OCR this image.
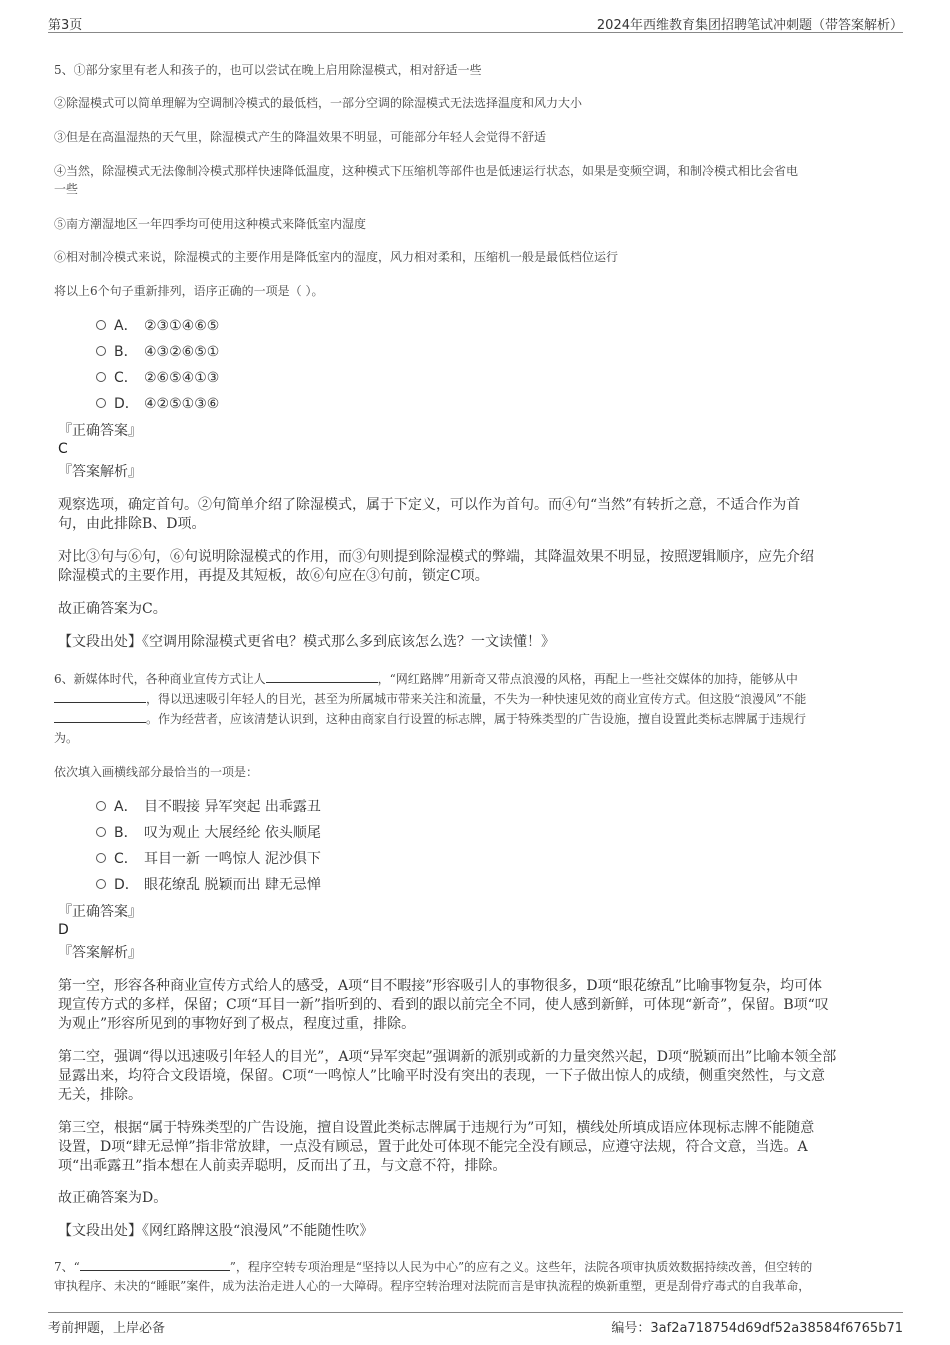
第3页	2024年西维教育集团招聘笔试冲刺题（带答案解析）
5、①部分家里有老人和孩子的，也可以尝试在晚上启用除湿模式，相对舒适一些
②除湿模式可以简单理解为空调制冷模式的最低档，一部分空调的除湿模式无法选择温度和风力大小
③但是在高温湿热的天气里，除湿模式产生的降温效果不明显，可能部分年轻人会觉得不舒适
④当然，除湿模式无法像制冷模式那样快速降低温度，这种模式下压缩机等部件也是低速运行状态，如果是变频空调，和制冷模式相比会省电
一些
⑤南方潮湿地区一年四季均可使用这种模式来降低室内湿度
⑥相对制冷模式来说，除湿模式的主要作用是降低室内的湿度，风力相对柔和，压缩机一般是最低档位运行
将以上6个句子重新排列，语序正确的一项是（ ）。
A． ②③①④⑥⑤
B． ④③②⑥⑤①
C． ②⑥⑤④①③
D． ④②⑤①③⑥
『正确答案』
C
『答案解析』
观察选项，确定首句。②句简单介绍了除湿模式，属于下定义，可以作为首句。而④句“当然”有转折之意，不适合作为首
句，由此排除B、D项。
对比③句与⑥句，⑥句说明除湿模式的作用，而③句则提到除湿模式的弊端，其降温效果不明显，按照逻辑顺序，应先介绍
除湿模式的主要作用，再提及其短板，故⑥句应在③句前，锁定C项。
故正确答案为C。
【文段出处】《空调用除湿模式更省电？模式那么多到底该怎么选？一文读懂！》
6、新媒体时代，各种商业宣传方式让人	，“网红路牌”用新奇又带点浪漫的风格，再配上一些社交媒体的加持，能够从中
，得以迅速吸引年轻人的目光，甚至为所属城市带来关注和流量，不失为一种快速见效的商业宣传方式。但这股“浪漫风”不能
。作为经营者，应该清楚认识到，这种由商家自行设置的标志牌，属于特殊类型的广告设施，擅自设置此类标志牌属于违规行
为。
依次填入画横线部分最恰当的一项是：
A． 目不暇接 异军突起 出乖露丑
B． 叹为观止 大展经纶 依头顺尾
C． 耳目一新 一鸣惊人 泥沙俱下
D． 眼花缭乱 脱颖而出 肆无忌惮
『正确答案』
D
『答案解析』
第一空，形容各种商业宣传方式给人的感受，A项“目不暇接”形容吸引人的事物很多，D项“眼花缭乱”比喻事物复杂，均可体
现宣传方式的多样，保留；C项“耳目一新”指听到的、看到的跟以前完全不同，使人感到新鲜，可体现“新奇”，保留。B项“叹
为观止”形容所见到的事物好到了极点，程度过重，排除。
第二空，强调“得以迅速吸引年轻人的目光”，A项“异军突起”强调新的派别或新的力量突然兴起，D项“脱颖而出”比喻本领全部
显露出来，均符合文段语境，保留。C项“一鸣惊人”比喻平时没有突出的表现，一下子做出惊人的成绩，侧重突然性，与文意
无关，排除。
第三空，根据“属于特殊类型的广告设施，擅自设置此类标志牌属于违规行为”可知，横线处所填成语应体现标志牌不能随意
设置，D项“肆无忌惮”指非常放肆，一点没有顾忌，置于此处可体现不能完全没有顾忌，应遵守法规，符合文意，当选。A
项“出乖露丑”指本想在人前卖弄聪明，反而出了丑，与文意不符，排除。
故正确答案为D。
【文段出处】《网红路牌这股“浪漫风”不能随性吹》
7、“	”，程序空转专项治理是“坚持以人民为中心”的应有之义。这些年，法院各项审执质效数据持续改善，但空转的
审执程序、未决的“睡眠”案件，成为法治走进人心的一大障碍。程序空转治理对法院而言是审执流程的焕新重塑，更是刮骨疗毒式的自我革命，
考前押题，上岸必备	编号：3af2a718754d69df52a38584f6765b71
